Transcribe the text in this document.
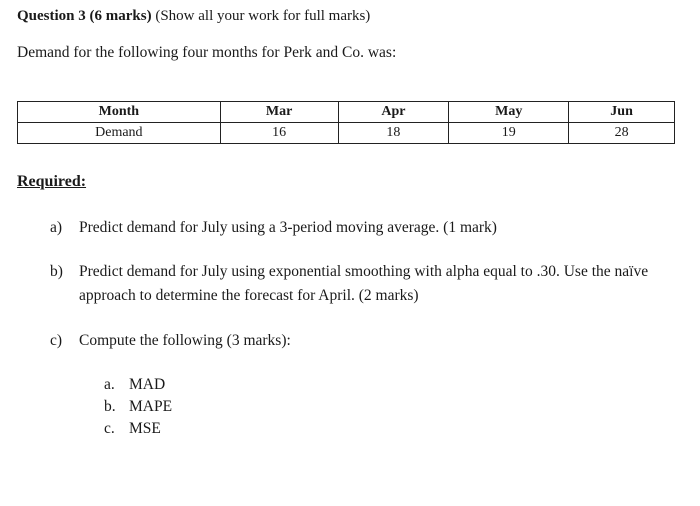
Question 3 (6 marks) (Show all your work for full marks)
Demand for the following four months for Perk and Co. was:
Month	Mar	Apr	May	Jun
Demand	16	18	19	28
Required:
a) Predict demand for July using a 3-period moving average. (1 mark)
b) Predict demand for July using exponential smoothing with alpha equal to .30. Use the naïve approach to determine the forecast for April. (2 marks)
c) Compute the following (3 marks):
a. MAD
b. MAPE
c. MSE
